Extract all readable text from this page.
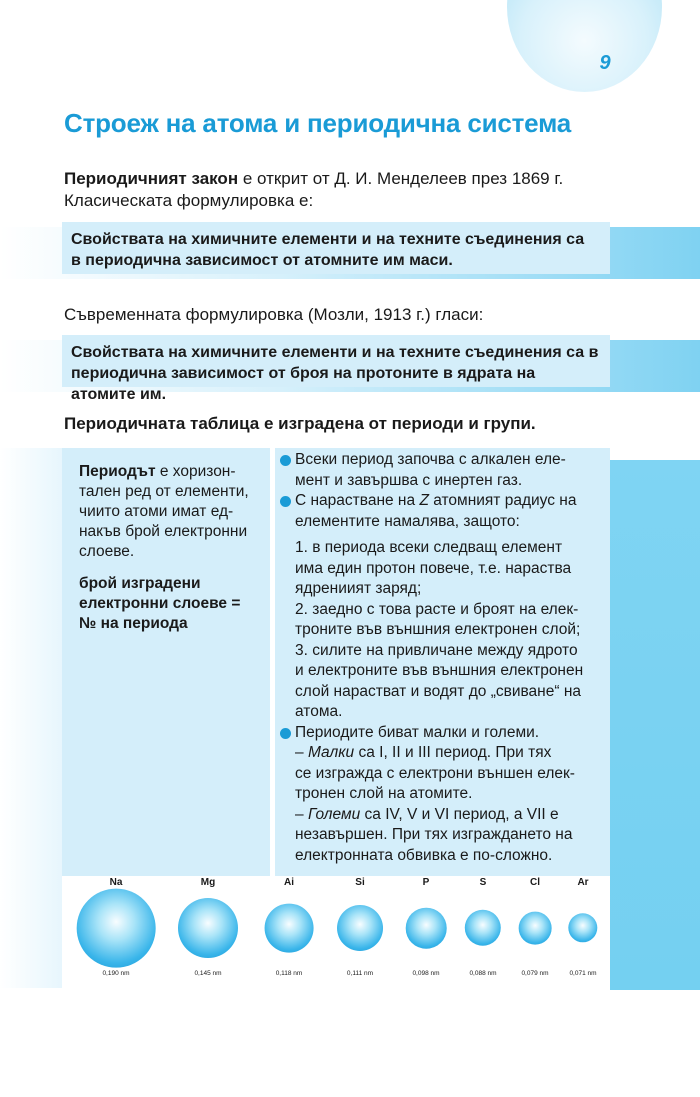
9
Строеж на атома и периодична система

Периодичният закон е открит от Д. И. Менделеев през 1869 г.
Класическата формулировка е:

Свойствата на химичните елементи и на техните съединения са
в периодична зависимост от атомните им маси.

Съвременната формулировка (Мозли, 1913 г.) гласи:

Свойствата на химичните елементи и на техните съединения са в
периодична зависимост от броя на протоните в ядрата на атомите им.

Периодичната таблица е изградена от периоди и групи.

Периодът е хоризон-
тален ред от елементи,
чиито атоми имат ед-
накъв брой електронни
слоеве.

брой изградени
електронни слоеве =
№ на периода

Всеки период започва с алкален еле-
мент и завършва с инертен газ.
С нарастване на Z атомният радиус на
елементите намалява, защото:
1. в периода всеки следващ елемент
има един протон повече, т.е. нараства
ядрениият заряд;
2. заедно с това расте и броят на елек-
троните във външния електронен слой;
3. силите на привличане между ядрото
и електроните във външния електронен
слой нарастват и водят до „свиване“ на
атома.
Периодите биват малки и големи.
– Малки са I, II и III период. При тях
се изгражда с електрони външен елек-
тронен слой на атомите.
– Големи са IV, V и VI период, а VII е
незавършен. При тях изграждането на
електронната обвивка е по-сложно.
Na
0,190 nm
Mg
0,145 nm
Ai
0,118 nm
Si
0,111 nm
P
0,098 nm
S
0,088 nm
Cl
0,079 nm
Ar
0,071 nm
